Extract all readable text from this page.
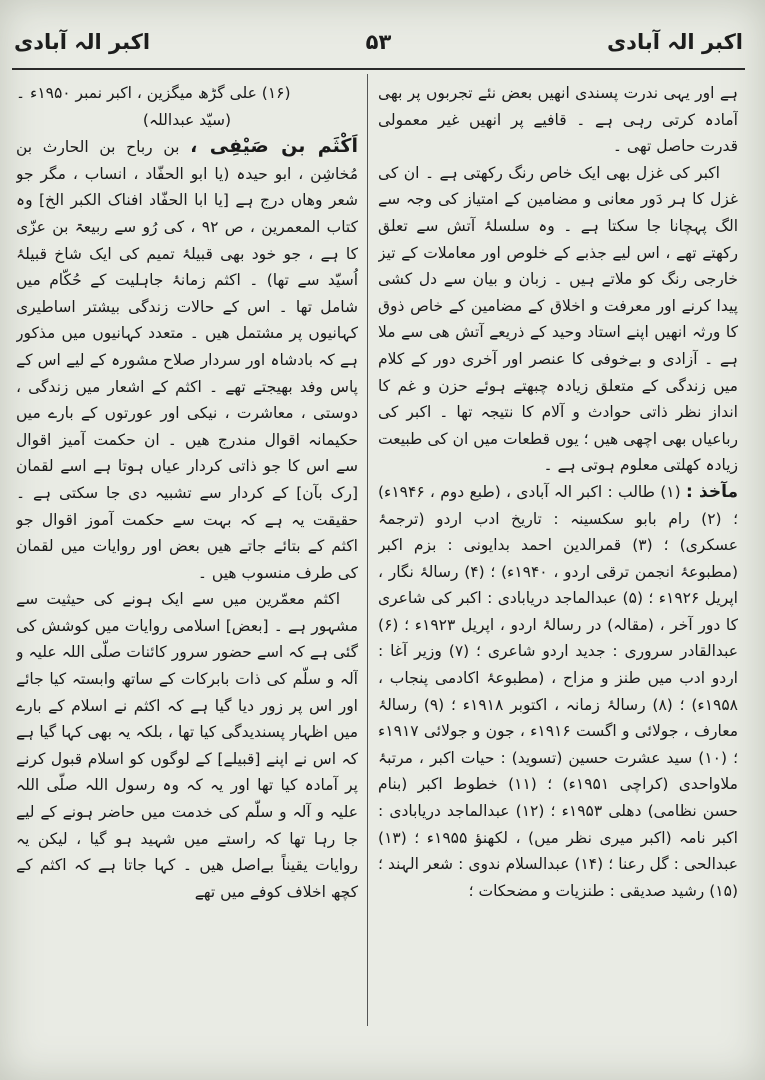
اکبر الہ آبادی	۵۳	اکبر الہ آبادی

ہے اور یہی ندرت پسندی انھیں بعض نئے تجربوں پر بھی آمادہ کرتی رہی ہے ۔ قافیے پر انھیں غیر معمولی قدرت حاصل تھی ۔

اکبر کی غزل بھی ایک خاص رنگ رکھتی ہے ۔ ان کی غزل کا ہر دَور معانی و مضامین کے امتیاز کی وجہ سے الگ پہچانا جا سکتا ہے ۔ وہ سلسلۂ آتش سے تعلق رکھتے تھے ، اس لیے جذبے کے خلوص اور معاملات کے تیز خارجی رنگ کو ملاتے ہیں ۔ زبان و بیان سے دل کشی پیدا کرنے اور معرفت و اخلاق کے مضامین کے خاص ذوق کا ورثہ انھیں اپنے استاد وحید کے ذریعے آتش ھی سے ملا ہے ۔ آزادی و بےخوفی کا عنصر اور آخری دور کے کلام میں زندگی کے متعلق زیادہ چبھتے ہوئے حزن و غم کا انداز نظر ذاتی حوادث و آلام کا نتیجہ تھا ۔ اکبر کی رباعیاں بھی اچھی ھیں ؛ یوں قطعات میں ان کی طبیعت زیادہ کھلتی معلوم ہوتی ہے ۔

مآخذ : (۱) طالب : اکبر الہ آبادی ، (طبع دوم ، ۱۹۴۶ء) ؛ (۲) رام بابو سکسینہ : تاریخ ادب اردو (ترجمۂ عسکری) ؛ (۳) قمرالدین احمد بدایونی : بزم اکبر (مطبوعۂ انجمن ترقی اردو ، ۱۹۴۰ء) ؛ (۴) رسالۂ نگار ، اپریل ۱۹۲۶ء ؛ (۵) عبدالماجد دریابادی : اکبر کی شاعری کا دور آخر ، (مقالہ) در رسالۂ اردو ، اپریل ۱۹۲۳ء ؛ (۶) عبدالقادر سروری : جدید اردو شاعری ؛ (۷) وزیر آغا : اردو ادب میں طنز و مزاح ، (مطبوعۂ اکادمی پنجاب ، ۱۹۵۸ء) ؛ (۸) رسالۂ زمانہ ، اکتوبر ۱۹۱۸ء ؛ (۹) رسالۂ معارف ، جولائی و اگست ۱۹۱۶ء ، جون و جولائی ۱۹۱۷ء ؛ (۱۰) سید عشرت حسین (تسوید) : حیات اکبر ، مرتبۂ ملاواحدی (کراچی ۱۹۵۱ء) ؛ (۱۱) خطوط اکبر (بنام حسن نظامی) دھلی ۱۹۵۳ء ؛ (۱۲) عبدالماجد دریابادی : اکبر نامہ (اکبر میری نظر میں) ، لکھنؤ ۱۹۵۵ء ؛ (۱۳) عبدالحی : گل رعنا ؛ (۱۴) عبدالسلام ندوی : شعر الہند ؛ (۱۵) رشید صدیقی : طنزیات و مضحکات ؛

(۱۶) علی گڑھ میگزین ، اکبر نمبر ۱۹۵۰ء ۔

(سیّد عبداللہ)

اَکْثَم بن صَیْفِی ، بن رباح بن الحارث بن مُخاشِن ، ابو حیدہ (یا ابو الحفّاد ، انساب ، مگر جو شعر وھاں درج ہے [یا ابا الحفّاد افناک الکبر الخ] وہ کتاب المعمرین ، ص ۹۲ ، کی رُو سے ربیعۃ بن عزّی کا ہے ، جو خود بھی قبیلۂ تمیم کی ایک شاخ قبیلۂ اُسیّد سے تھا) ۔ اکثم زمانۂ جاہلیت کے حُکّام میں شامل تھا ۔ اس کے حالات زندگی بیشتر اساطیری کہانیوں پر مشتمل ھیں ۔ متعدد کہانیوں میں مذکور ہے کہ بادشاہ اور سردار صلاح مشورہ کے لیے اس کے پاس وفد بھیجتے تھے ۔ اکثم کے اشعار میں زندگی ، دوستی ، معاشرت ، نیکی اور عورتوں کے بارے میں حکیمانہ اقوال مندرج ھیں ۔ ان حکمت آمیز اقوال سے اس کا جو ذاتی کردار عیاں ہوتا ہے اسے لقمان [رک بآن] کے کردار سے تشبیہ دی جا سکتی ہے ۔ حقیقت یہ ہے کہ بہت سے حکمت آموز اقوال جو اکثم کے بتائے جاتے ھیں بعض اور روایات میں لقمان کی طرف منسوب ھیں ۔

اکثم معمّرین میں سے ایک ہونے کی حیثیت سے مشہور ہے ۔ [بعض] اسلامی روایات میں کوشش کی گئی ہے کہ اسے حضور سرور کائنات صلّی اللہ علیہ و آلہ و سلّم کی ذات بابرکات کے ساتھ وابستہ کیا جائے اور اس پر زور دیا گیا ہے کہ اکثم نے اسلام کے بارے میں اظہار پسندیدگی کیا تھا ، بلکہ یہ بھی کہا گیا ہے کہ اس نے اپنے [قبیلے] کے لوگوں کو اسلام قبول کرنے پر آمادہ کیا تھا اور یہ کہ وہ رسول اللہ صلّی اللہ علیہ و آلہ و سلّم کی خدمت میں حاضر ہونے کے لیے جا رہا تھا کہ راستے میں شہید ہو گیا ، لیکن یہ روایات یقیناً بےاصل ھیں ۔ کہا جاتا ہے کہ اکثم کے کچھ اخلاف کوفے میں تھے
